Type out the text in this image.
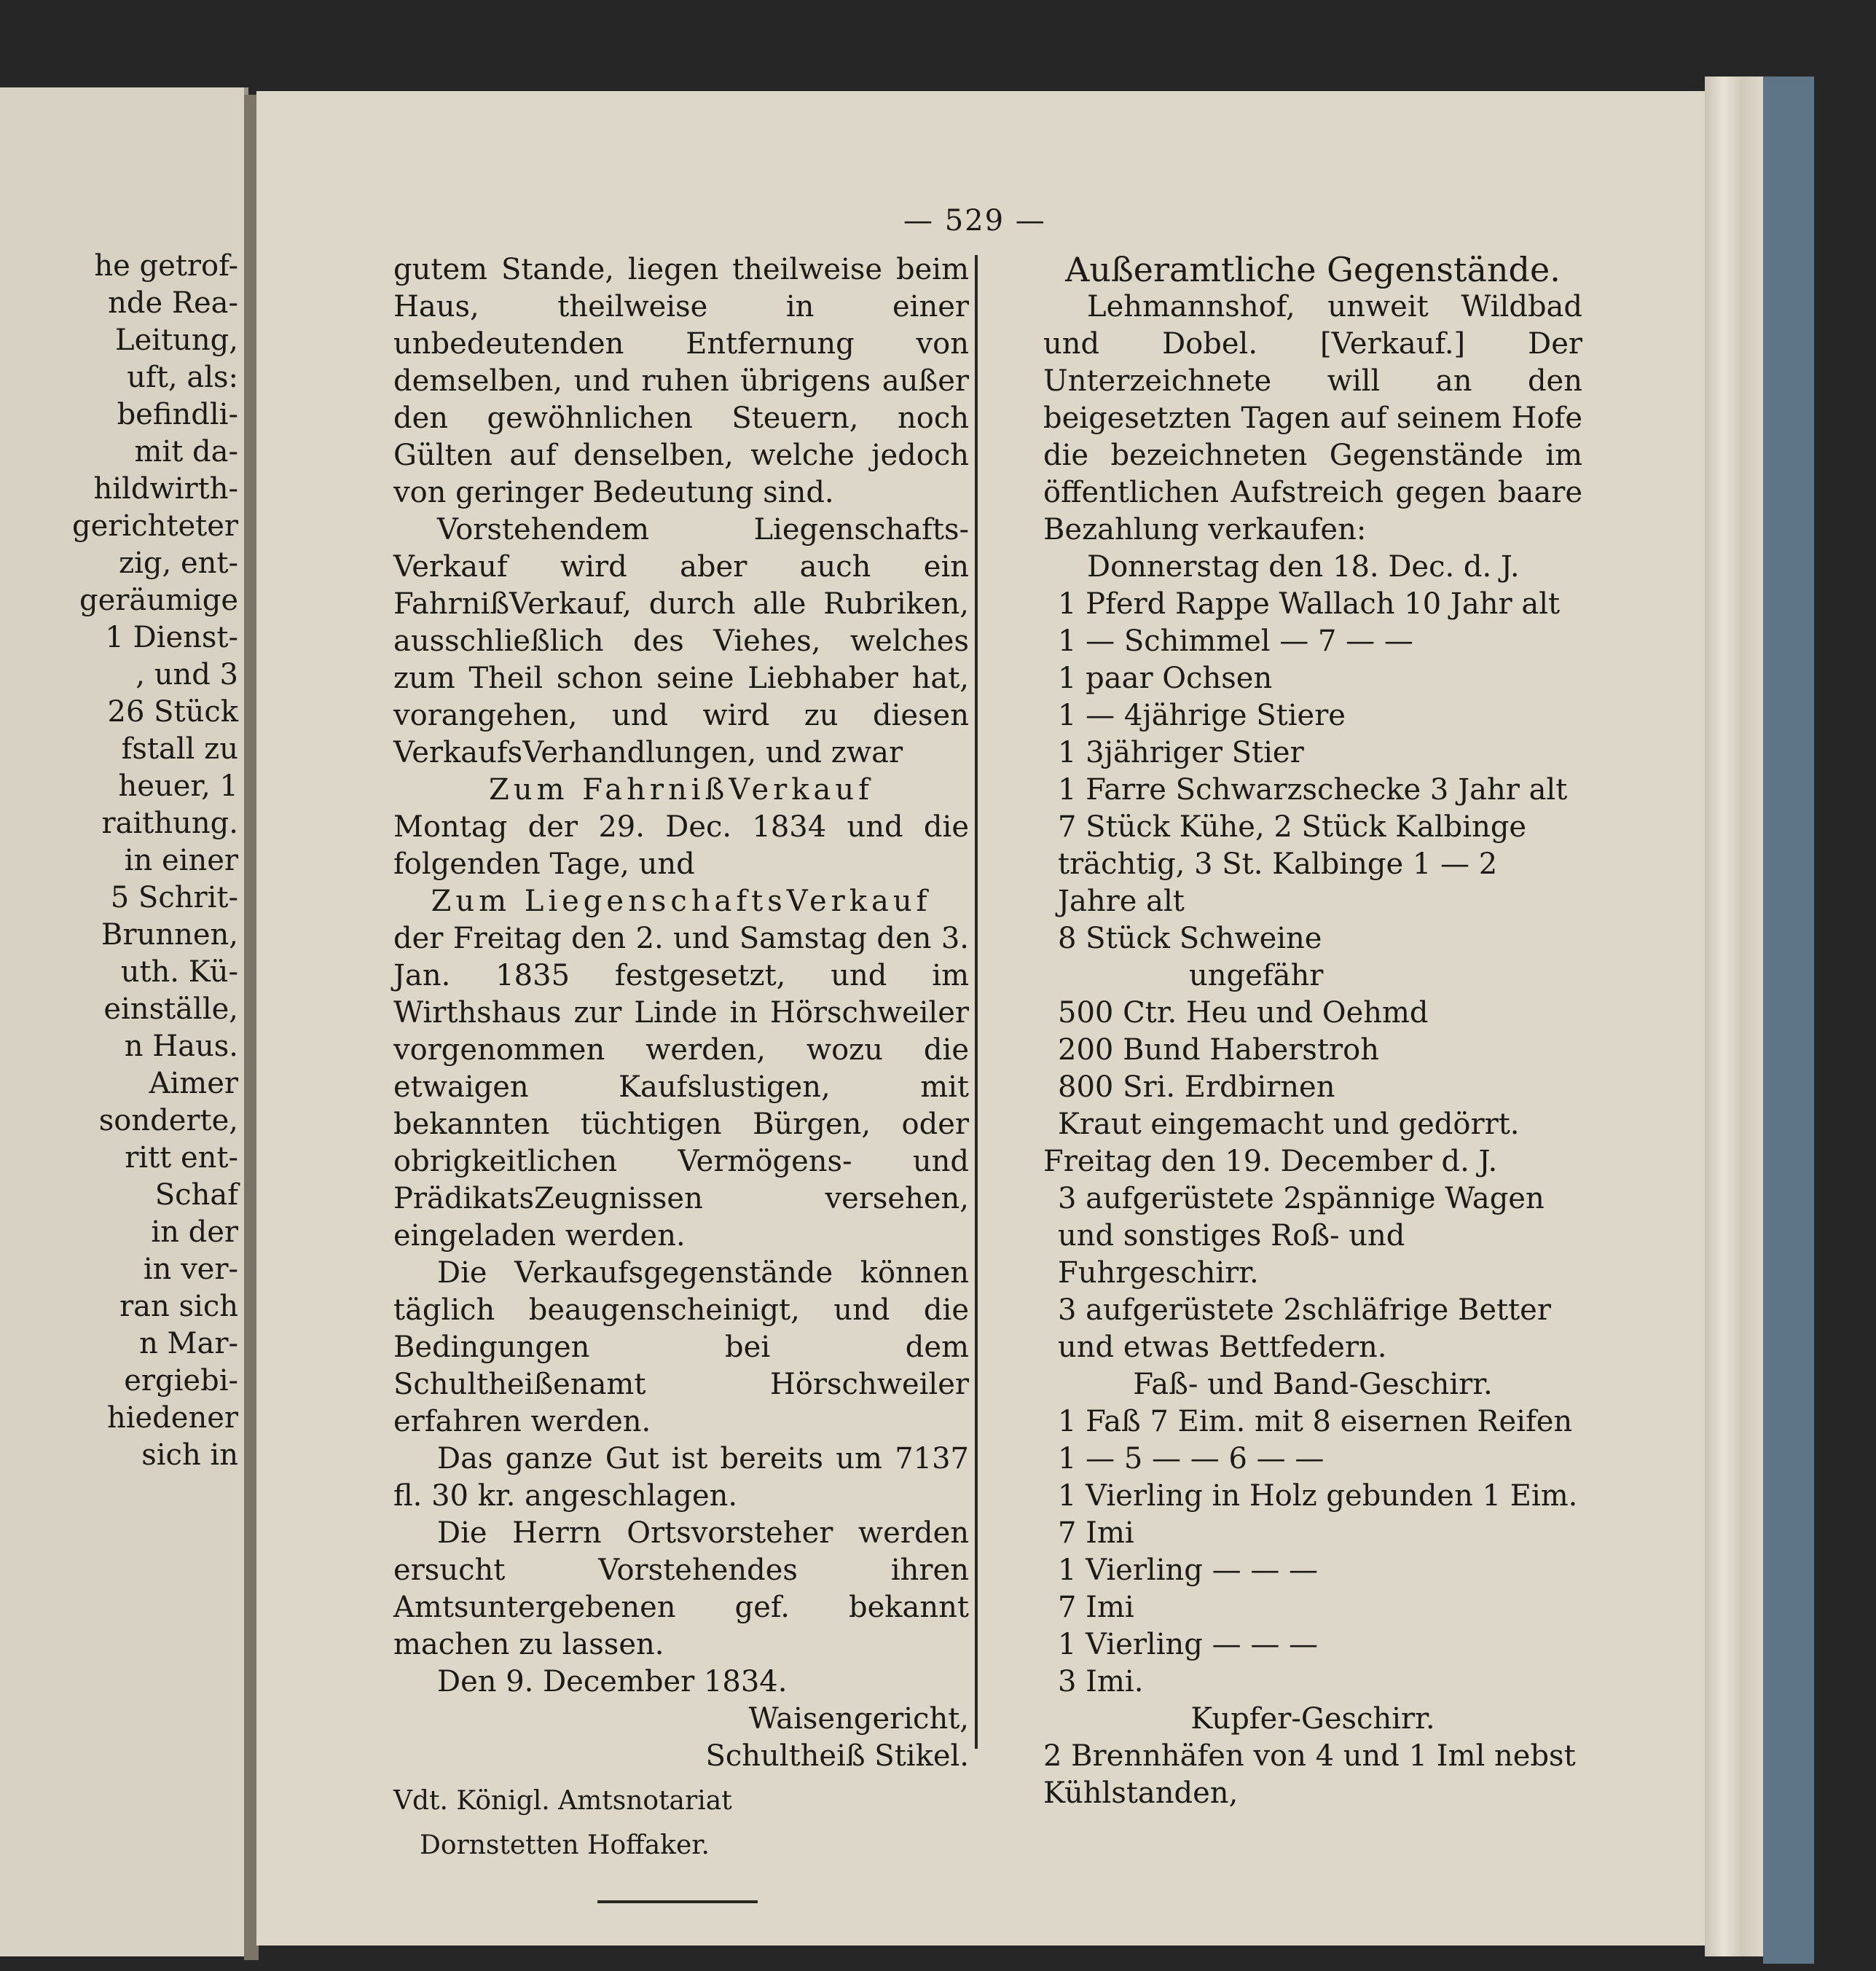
he getrof-
nde Rea-
Leitung,
uft, als:
befindli-
mit da-
hildwirth-
gerichteter
zig, ent-
geräumige
1 Dienst-
, und 3
26 Stück
fstall zu
heuer, 1
raithung.
in einer
5 Schrit-
Brunnen,
uth. Kü-
einställe,
n Haus.
Aimer
sonderte,
ritt ent-
Schaf
in der
in ver-
ran sich
n Mar-
ergiebi-
hiedener
sich in
— 529 —
gutem Stande, liegen theilweise beim Haus, theilweise in einer unbedeutenden Entfernung von demselben, und ruhen übrigens außer den gewöhnlichen Steuern, noch Gülten auf denselben, welche jedoch von geringer Bedeutung sind.
Vorstehendem Liegenschafts-Verkauf wird aber auch ein FahrnißVerkauf, durch alle Rubriken, ausschließlich des Viehes, welches zum Theil schon seine Liebhaber hat, vorangehen, und wird zu diesen VerkaufsVerhandlungen, und zwar
Zum FahrnißVerkauf
Montag der 29. Dec. 1834 und die folgenden Tage, und
Zum LiegenschaftsVerkauf
der Freitag den 2. und Samstag den 3. Jan. 1835 festgesetzt, und im Wirthshaus zur Linde in Hörschweiler vorgenommen werden, wozu die etwaigen Kaufslustigen, mit bekannten tüchtigen Bürgen, oder obrigkeitlichen Vermögens- und PrädikatsZeugnissen versehen, eingeladen werden.
Die Verkaufsgegenstände können täglich beaugenscheinigt, und die Bedingungen bei dem Schultheißenamt Hörschweiler erfahren werden.
Das ganze Gut ist bereits um 7137 fl. 30 kr. angeschlagen.
Die Herrn Ortsvorsteher werden ersucht Vorstehendes ihren Amtsuntergebenen gef. bekannt machen zu lassen.
Den 9. December 1834.
Waisengericht,
Schultheiß Stikel.
Vdt. Königl. Amtsnotariat
Dornstetten Hoffaker.
Außeramtliche Gegenstände.
Lehmannshof, unweit Wildbad und Dobel. [Verkauf.] Der Unterzeichnete will an den beigesetzten Tagen auf seinem Hofe die bezeichneten Gegenstände im öffentlichen Aufstreich gegen baare Bezahlung verkaufen:
Donnerstag den 18. Dec. d. J.
1 Pferd Rappe Wallach 10 Jahr alt
1 — Schimmel — 7 — —
1 paar Ochsen
1 — 4jährige Stiere
1 3jähriger Stier
1 Farre Schwarzschecke 3 Jahr alt
7 Stück Kühe, 2 Stück Kalbinge trächtig, 3 St. Kalbinge 1 — 2 Jahre alt
8 Stück Schweine
ungefähr
500 Ctr. Heu und Oehmd
200 Bund Haberstroh
800 Sri. Erdbirnen
Kraut eingemacht und gedörrt.
Freitag den 19. December d. J.
3 aufgerüstete 2spännige Wagen und sonstiges Roß- und Fuhrgeschirr.
3 aufgerüstete 2schläfrige Better und etwas Bettfedern.
Faß- und Band-Geschirr.
1 Faß 7 Eim. mit 8 eisernen Reifen
1 — 5 — — 6 — —
1 Vierling in Holz gebunden 1 Eim.
7 Imi
1 Vierling — — —
7 Imi
1 Vierling — — —
3 Imi.
Kupfer-Geschirr.
2 Brennhäfen von 4 und 1 Iml nebst Kühlstanden,
